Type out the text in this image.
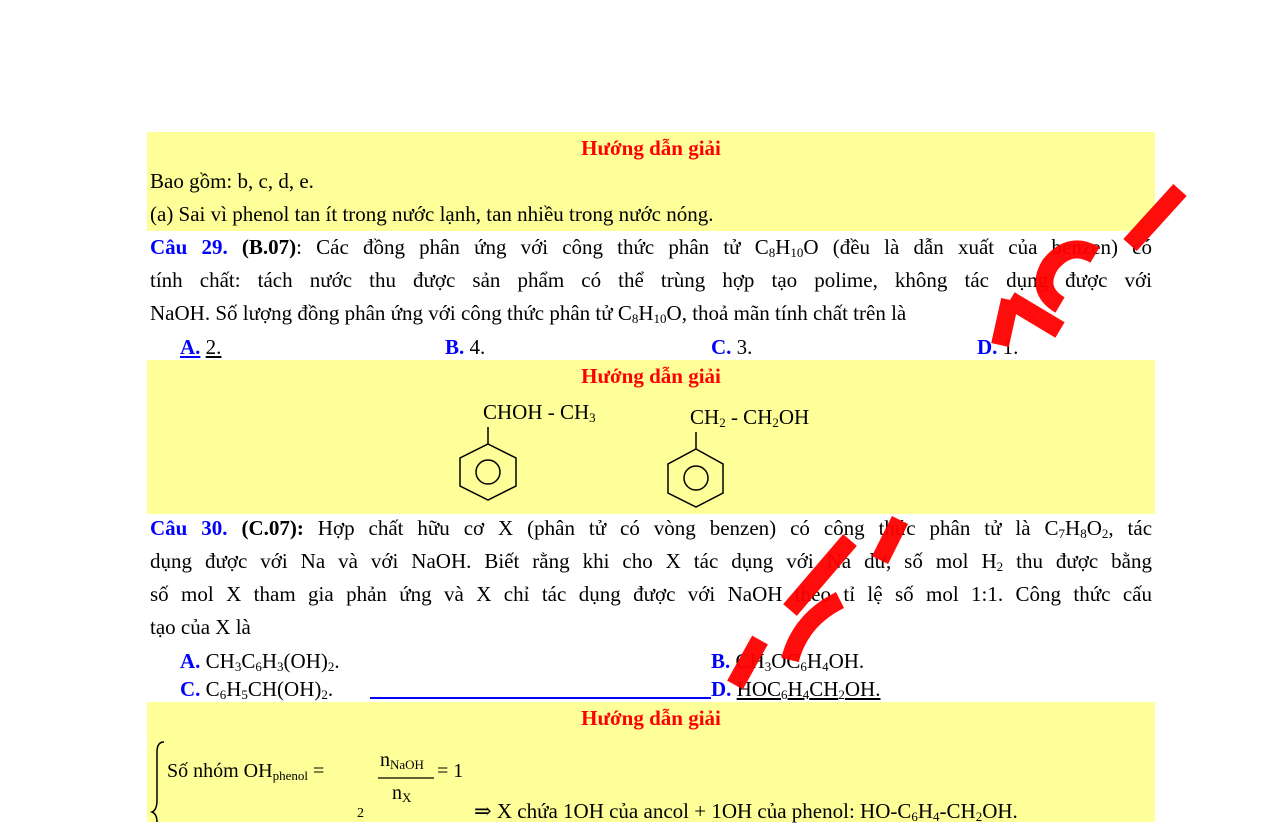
Hướng dẫn giải
Bao gồm: b, c, d, e.
(a) Sai vì phenol tan ít trong nước lạnh, tan nhiều trong nước nóng.
Câu 29. (B.07): Các đồng phân ứng với công thức phân tử $C_8H_{10}O$ (đều là dẫn xuất của benzen) có
tính chất: tách nước thu được sản phẩm có thể trùng hợp tạo polime, không tác dụng được với
NaOH. Số lượng đồng phân ứng với công thức phân tử $C_8H_{10}O$, thoả mãn tính chất trên là
A. 2.	B. 4.	C. 3.	D. 1.
Hướng dẫn giải
CHOH - $CH_3$	$CH_2 - CH_2OH$
Câu 30. (C.07): Hợp chất hữu cơ X (phân tử có vòng benzen) có công thức phân tử là $C_7H_8O_2$, tác
dụng được với Na và với NaOH. Biết rằng khi cho X tác dụng với Na dư, số mol $H_2$ thu được bằng
số mol X tham gia phản ứng và X chỉ tác dụng được với NaOH theo tỉ lệ số mol 1:1. Công thức cấu
tạo của X là
A. $CH_3C_6H_3(OH)_2$.	B. $CH_3OC_6H_4OH$.
C. $C_6H_5CH(OH)_2$.	D. $HOC_6H_4CH_2OH$.
Hướng dẫn giải
Số nhóm $OH_{phenol}$ =	$n_{NaOH}$
$n_X$
= 1
2	⇒ X chứa 1OH của ancol + 1OH của phenol: $HO-C_6H_4-CH_2OH$.
